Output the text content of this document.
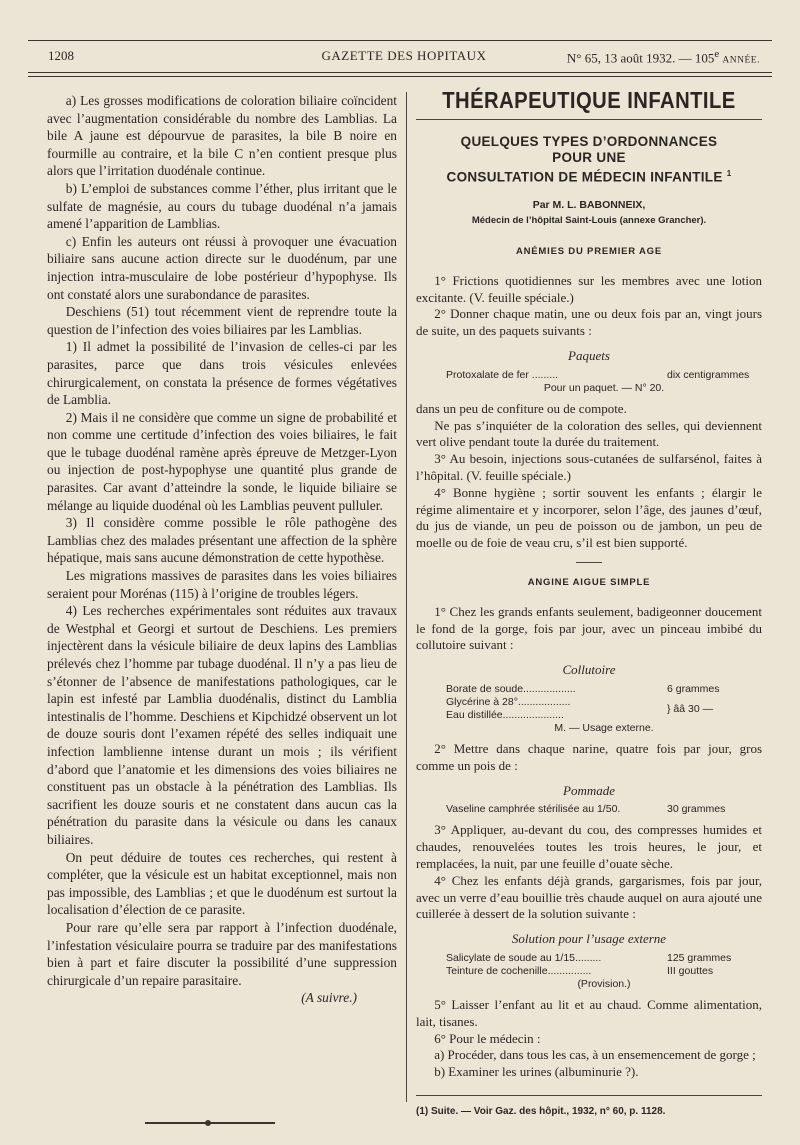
1208	GAZETTE DES HOPITAUX	N° 65, 13 août 1932. — 105e ANNÉE.

a) Les grosses modifications de coloration biliaire coïncident avec l’augmentation considérable du nombre des Lamblias. La bile A jaune est dépourvue de parasites, la bile B noire en fourmille au contraire, et la bile C n’en contient presque plus alors que l’irritation duodénale continue.

b) L’emploi de substances comme l’éther, plus irritant que le sulfate de magnésie, au cours du tubage duodénal n’a jamais amené l’apparition de Lamblias.

c) Enfin les auteurs ont réussi à provoquer une évacuation biliaire sans aucune action directe sur le duodénum, par une injection intra-musculaire de lobe postérieur d’hypophyse. Ils ont constaté alors une surabondance de parasites.

Deschiens (51) tout récemment vient de reprendre toute la question de l’infection des voies biliaires par les Lamblias.

1) Il admet la possibilité de l’invasion de celles-ci par les parasites, parce que dans trois vésicules enlevées chirurgicalement, on constata la présence de formes végétatives de Lamblia.

2) Mais il ne considère que comme un signe de probabilité et non comme une certitude d’infection des voies biliaires, le fait que le tubage duodénal ramène après épreuve de Metzger-Lyon ou injection de post-hypophyse une quantité plus grande de parasites. Car avant d’atteindre la sonde, le liquide biliaire se mélange au liquide duodénal où les Lamblias peuvent pulluler.

3) Il considère comme possible le rôle pathogène des Lamblias chez des malades présentant une affection de la sphère hépatique, mais sans aucune démonstration de cette hypothèse.

Les migrations massives de parasites dans les voies biliaires seraient pour Morénas (115) à l’origine de troubles légers.

4) Les recherches expérimentales sont réduites aux travaux de Westphal et Georgi et surtout de Deschiens. Les premiers injectèrent dans la vésicule biliaire de deux lapins des Lamblias prélevés chez l’homme par tubage duodénal. Il n’y a pas lieu de s’étonner de l’absence de manifestations pathologiques, car le lapin est infesté par Lamblia duodénalis, distinct du Lamblia intestinalis de l’homme. Deschiens et Kipchidzé observent un lot de douze souris dont l’examen répété des selles indiquait une infection lamblienne intense durant un mois ; ils vérifient d’abord que l’anatomie et les dimensions des voies biliaires ne constituent pas un obstacle à la pénétration des Lamblias. Ils sacrifient les douze souris et ne constatent dans aucun cas la pénétration du parasite dans la vésicule ou dans les canaux biliaires.

On peut déduire de toutes ces recherches, qui restent à compléter, que la vésicule est un habitat exceptionnel, mais non pas impossible, des Lamblias ; et que le duodénum est surtout la localisation d’élection de ce parasite.

Pour rare qu’elle sera par rapport à l’infection duodénale, l’infestation vésiculaire pourra se traduire par des manifestations bien à part et faire discuter la possibilité d’une suppression chirurgicale d’un repaire parasitaire.

(A suivre.)

THÉRAPEUTIQUE INFANTILE
QUELQUES TYPES D’ORDONNANCES
POUR UNE
CONSULTATION DE MÉDECIN INFANTILE $^1$
Par M. L. BABONNEIX,
Médecin de l’hôpital Saint-Louis (annexe Grancher).
ANÉMIES DU PREMIER AGE

1° Frictions quotidiennes sur les membres avec une lotion excitante. (V. feuille spéciale.)

2° Donner chaque matin, une ou deux fois par an, vingt jours de suite, un des paquets suivants :

Paquets
Protoxalate de fer .........	dix centigrammes
Pour un paquet. — N° 20.

dans un peu de confiture ou de compote.

Ne pas s’inquiéter de la coloration des selles, qui deviennent vert olive pendant toute la durée du traitement.

3° Au besoin, injections sous-cutanées de sulfarsénol, faites à l’hôpital. (V. feuille spéciale.)

4° Bonne hygiène ; sortir souvent les enfants ; élargir le régime alimentaire et y incorporer, selon l’âge, des jaunes d’œuf, du jus de viande, un peu de poisson ou de jambon, un peu de moelle ou de foie de veau cru, s’il est bien supporté.

ANGINE AIGUE SIMPLE

1° Chez les grands enfants seulement, badigeonner doucement le fond de la gorge, fois par jour, avec un pinceau imbibé du collutoire suivant :

Collutoire
Borate de soude..................	6 grammes
Glycérine à 28°..................
Eau distillée.....................
} ââ 30 —
M. — Usage externe.

2° Mettre dans chaque narine, quatre fois par jour, gros comme un pois de :

Pommade
Vaseline camphrée stérilisée au 1/50.	30 grammes

3° Appliquer, au-devant du cou, des compresses humides et chaudes, renouvelées toutes les trois heures, le jour, et remplacées, la nuit, par une feuille d’ouate sèche.

4° Chez les enfants déjà grands, gargarismes, fois par jour, avec un verre d’eau bouillie très chaude auquel on aura ajouté une cuillerée à dessert de la solution suivante :

Solution pour l’usage externe
Salicylate de soude au 1/15.........	125 grammes
Teinture de cochenille...............	III gouttes
(Provision.)

5° Laisser l’enfant au lit et au chaud. Comme alimentation, lait, tisanes.

6° Pour le médecin :

a) Procéder, dans tous les cas, à un ensemencement de gorge ;

b) Examiner les urines (albuminurie ?).

(1) Suite. — Voir Gaz. des hôpit., 1932, n° 60, p. 1128.
